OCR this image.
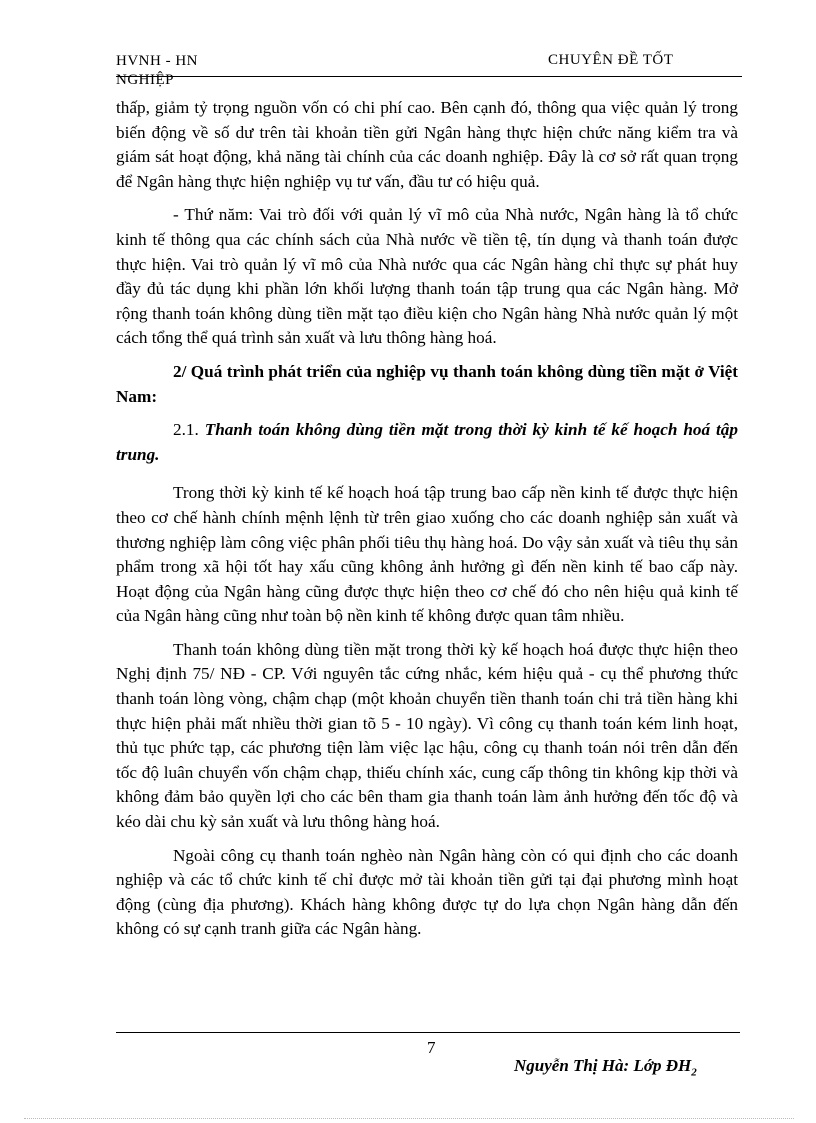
HVNH - HN
NGHIỆP
CHUYÊN ĐỀ TỐT

thấp, giảm tỷ trọng nguồn vốn có chi phí cao. Bên cạnh đó, thông qua việc quản lý trong biến động về số dư trên tài khoản tiền gửi Ngân hàng thực hiện chức năng kiểm tra và giám sát hoạt động, khả năng tài chính của các doanh nghiệp. Đây là cơ sở rất quan trọng để Ngân hàng thực hiện nghiệp vụ tư vấn, đầu tư có hiệu quả.

- Thứ năm: Vai trò đối với quản lý vĩ mô của Nhà nước, Ngân hàng là tổ chức kinh tế thông qua các chính sách của Nhà nước về tiền tệ, tín dụng và thanh toán được thực hiện. Vai trò quản lý vĩ mô của Nhà nước qua các Ngân hàng chỉ thực sự phát huy đầy đủ tác dụng khi phần lớn khối lượng thanh toán tập trung qua các Ngân hàng. Mở rộng thanh toán không dùng tiền mặt tạo điều kiện cho Ngân hàng Nhà nước quản lý một cách tổng thể quá trình sản xuất và lưu thông hàng hoá.

2/ Quá trình phát triển của nghiệp vụ thanh toán không dùng tiền mặt ở Việt Nam:

2.1. Thanh toán không dùng tiền mặt trong thời kỳ kinh tế kế hoạch hoá tập trung.

Trong thời kỳ kinh tế kế hoạch hoá tập trung bao cấp nền kinh tế được thực hiện theo cơ chế hành chính mệnh lệnh từ trên giao xuống cho các doanh nghiệp sản xuất và thương nghiệp làm công việc phân phối tiêu thụ hàng hoá. Do vậy sản xuất và tiêu thụ sản phẩm trong xã hội tốt hay xấu cũng không ảnh hưởng gì đến nền kinh tế bao cấp này. Hoạt động của Ngân hàng cũng được thực hiện theo cơ chế đó cho nên hiệu quả kinh tế của Ngân hàng cũng như toàn bộ nền kinh tế không được quan tâm nhiều.

Thanh toán không dùng tiền mặt trong thời kỳ kế hoạch hoá được thực hiện theo Nghị định 75/ NĐ - CP. Với nguyên tắc cứng nhắc, kém hiệu quả - cụ thể phương thức thanh toán lòng vòng, chậm chạp (một khoản chuyển tiền thanh toán chi trả tiền hàng khi thực hiện phải mất nhiều thời gian tõ 5 - 10 ngày). Vì công cụ thanh toán kém linh hoạt, thủ tục phức tạp, các phương tiện làm việc lạc hậu, công cụ thanh toán nói trên dẫn đến tốc độ luân chuyển vốn chậm chạp, thiếu chính xác, cung cấp thông tin không kịp thời và không đảm bảo quyền lợi cho các bên tham gia thanh toán làm ảnh hưởng đến tốc độ và kéo dài chu kỳ sản xuất và lưu thông hàng hoá.

Ngoài công cụ thanh toán nghèo nàn Ngân hàng còn có qui định cho các doanh nghiệp và các tổ chức kinh tế chỉ được mở tài khoản tiền gửi tại đại phương mình hoạt động (cùng địa phương). Khách hàng không được tự do lựa chọn Ngân hàng dẫn đến không có sự cạnh tranh giữa các Ngân hàng.

7
Nguyễn Thị Hà: Lớp $ĐH_2$
